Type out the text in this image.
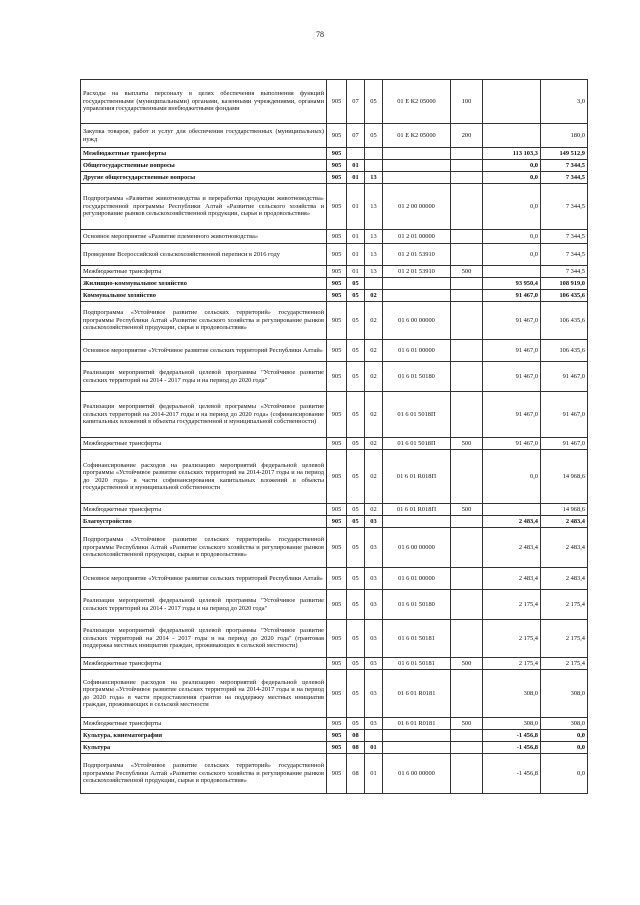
78
Расходы на выплаты персоналу в целях обеспечения выполнения функций государственными (муниципальными) органами, казенными учреждениями, органами управления государственными внебюджетными фондами	905	07	05	01 Е К2 05000	100		3,0
Закупка товаров, работ и услуг для обеспечения государственных (муниципальных) нужд	905	07	05	01 Е К2 05000	200		180,0
Межбюджетные трансферты	905					113 103,3	149 512,9
Общегосударственные вопросы	905	01				0,0	7 344,5
Другие общегосударственные вопросы	905	01	13			0,0	7 344,5
Подпрограмма «Развитие животноводства и переработки продукции животноводства» государственной программы Республики Алтай «Развитие сельского хозяйства и регулирование рынков сельскохозяйственной продукции, сырья и продовольствия»	905	01	13	01 2 00 00000		0,0	7 344,5
Основное мероприятие «Развитие племенного животноводства»	905	01	13	01 2 01 00000		0,0	7 344,5
Проведение Всероссийской сельскохозяйственной переписи в 2016 году	905	01	13	01 2 01 53910		0,0	7 344,5
Межбюджетные трансферты	905	01	13	01 2 01 53910	500		7 344,5
Жилищно-коммунальное хозяйство	905	05				93 950,4	108 919,0
Коммунальное хозяйство	905	05	02			91 467,0	106 435,6
Подпрограмма «Устойчивое развитие сельских территорий» государственной программы Республики Алтай «Развитие сельского хозяйства и регулирование рынков сельскохозяйственной продукции, сырья и продовольствия»	905	05	02	01 6 00 00000		91 467,0	106 435,6
Основное мероприятие «Устойчивое развитие сельских территорий Республики Алтай»	905	05	02	01 6 01 00000		91 467,0	106 435,6
Реализация мероприятий федеральной целевой программы "Устойчивое развитие сельских территорий на 2014 - 2017 годы и на период до 2020 года"	905	05	02	01 6 01 50180		91 467,0	91 467,0
Реализация мероприятий федеральной целевой программы «Устойчивое развитие сельских территорий на 2014-2017 годы и на период до 2020 года» (софинансирование капитальных вложений в объекты государственной и муниципальной собственности)	905	05	02	01 6 01 5018П		91 467,0	91 467,0
Межбюджетные трансферты	905	05	02	01 6 01 5018П	500	91 467,0	91 467,0
Софинансирование расходов на реализацию мероприятий федеральной целевой программы «Устойчивое развитие сельских территорий на 2014-2017 годы и на период до 2020 года» в части софинансирования капитальных вложений в объекты государственной и муниципальной собственности	905	05	02	01 6 01 R018П		0,0	14 968,6
Межбюджетные трансферты	905	05	02	01 6 01 R018П	500		14 968,6
Благоустройство	905	05	03			2 483,4	2 483,4
Подпрограмма «Устойчивое развитие сельских территорий» государственной программы Республики Алтай «Развитие сельского хозяйства и регулирование рынков сельскохозяйственной продукции, сырья и продовольствия»	905	05	03	01 6 00 00000		2 483,4	2 483,4
Основное мероприятие «Устойчивое развитие сельских территорий Республики Алтай»	905	05	03	01 6 01 00000		2 483,4	2 483,4
Реализация мероприятий федеральной целевой программы "Устойчивое развитие сельских территорий на 2014 - 2017 годы и на период до 2020 года"	905	05	03	01 6 01 50180		2 175,4	2 175,4
Реализация мероприятий федеральной целевой программы "Устойчивое развитие сельских территорий на 2014 - 2017 годы и на период до 2020 года" (грантовая поддержка местных инициатив граждан, проживающих в сельской местности)	905	05	03	01 6 01 50181		2 175,4	2 175,4
Межбюджетные трансферты	905	05	03	01 6 01 50181	500	2 175,4	2 175,4
Софинансирование расходов на реализацию мероприятий федеральной целевой программы «Устойчивое развитие сельских территорий на 2014-2017 годы и на период до 2020 года» в части предоставления грантов на поддержку местных инициатив граждан, проживающих в сельской местности	905	05	03	01 6 01 R0181		308,0	308,0
Межбюджетные трансферты	905	05	03	01 6 01 R0181	500	308,0	308,0
Культура, кинематография	905	08				-1 456,8	0,0
Культура	905	08	01			-1 456,8	0,0
Подпрограмма «Устойчивое развитие сельских территорий» государственной программы Республики Алтай «Развитие сельского хозяйства и регулирование рынков сельскохозяйственной продукции, сырья и продовольствия»	905	08	01	01 6 00 00000		-1 456,8	0,0
